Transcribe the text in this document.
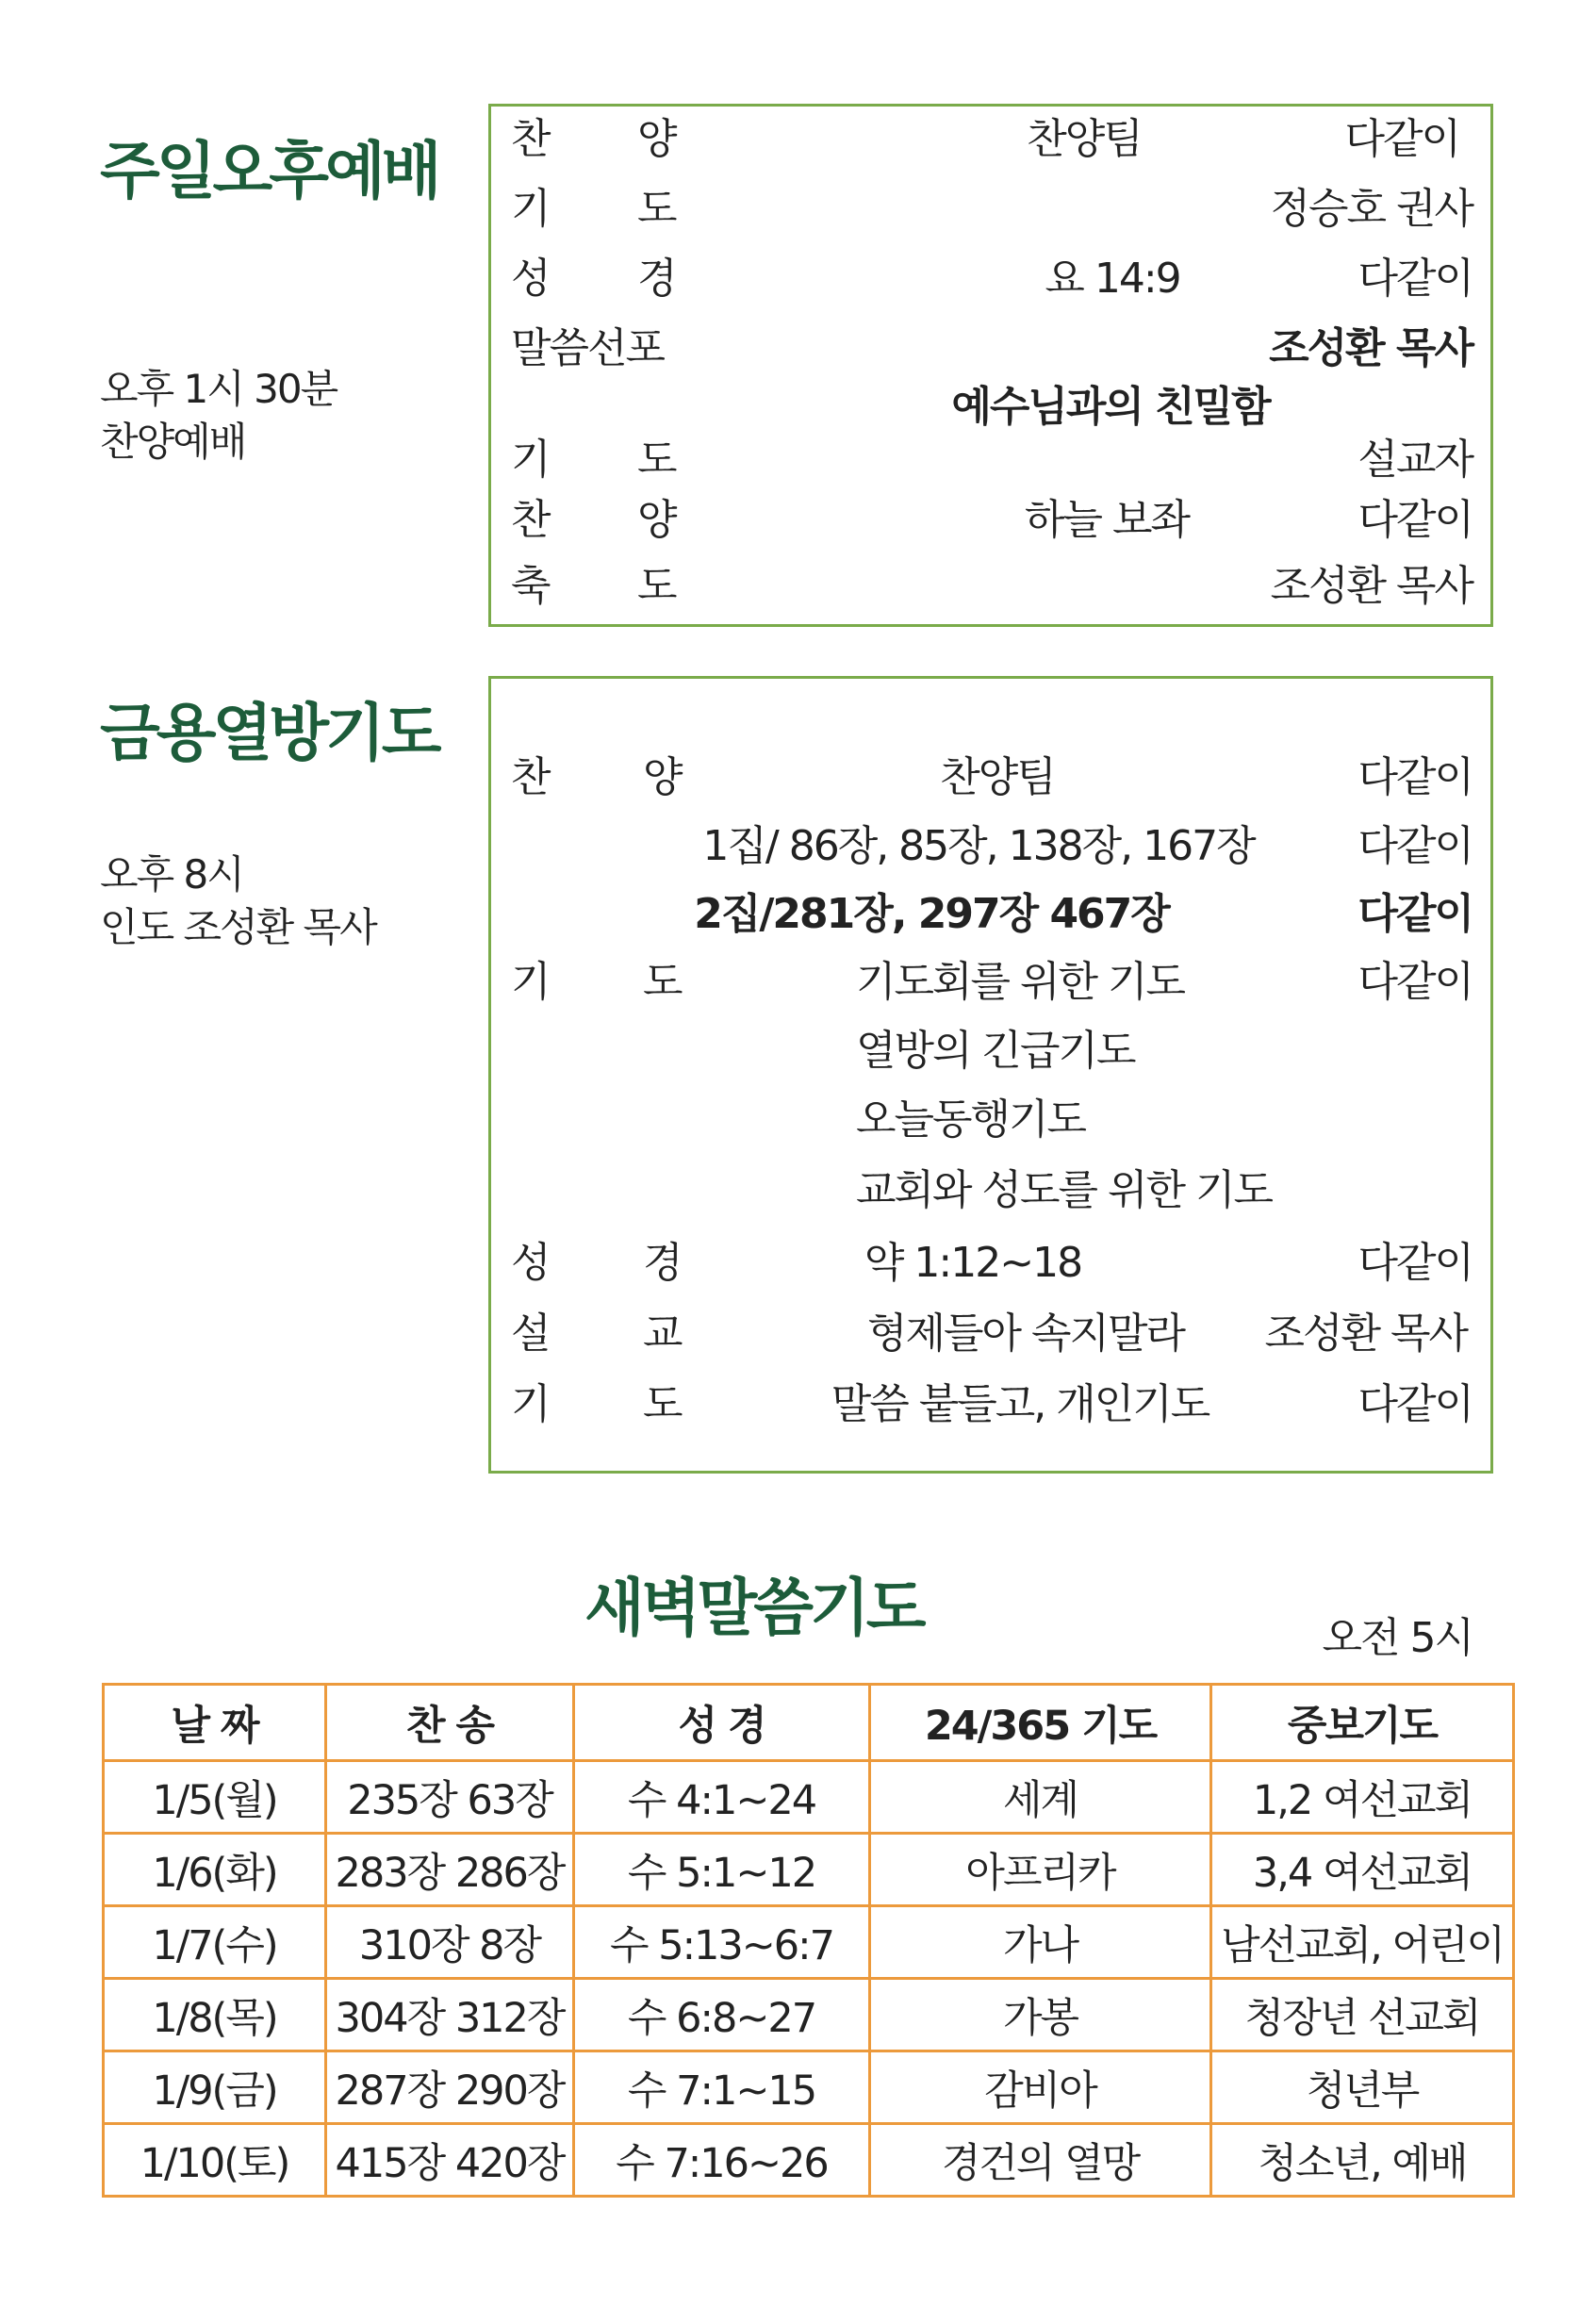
주일오후예배
오후 1시 30분
찬양예배
찬 양	찬양팀	다같이
기 도	정승호 권사
성 경	요 14:9	다같이
말씀선포	조성환 목사
예수님과의 친밀함
기 도	설교자
찬 양	하늘 보좌	다같이
축 도	조성환 목사
금용열방기도
오후 8시
인도 조성환 목사
찬 양	찬양팀	다같이
1집/ 86장, 85장, 138장, 167장 다같이
2집/281장, 297장 467장	다같이
기 도	기도회를 위한 기도	다같이
열방의 긴급기도
오늘동행기도
교회와 성도를 위한 기도
성 경	약 1:12~18	다같이
설 교	형제들아 속지말라 조성환 목사
기 도	말씀 붙들고, 개인기도	다같이
새벽말씀기도	오전 5시
날 짜	찬 송	성 경	24/365 기도	중보기도
1/5(월)	235장 63장	수 4:1~24	세계	1,2 여선교회
1/6(화)	283장 286장	수 5:1~12	아프리카	3,4 여선교회
1/7(수)	310장 8장	수 5:13~6:7	가나	남선교회, 어린이
1/8(목)	304장 312장	수 6:8~27	가봉	청장년 선교회
1/9(금)	287장 290장	수 7:1~15	감비아	청년부
1/10(토)	415장 420장	수 7:16~26	경건의 열망	청소년, 예배
